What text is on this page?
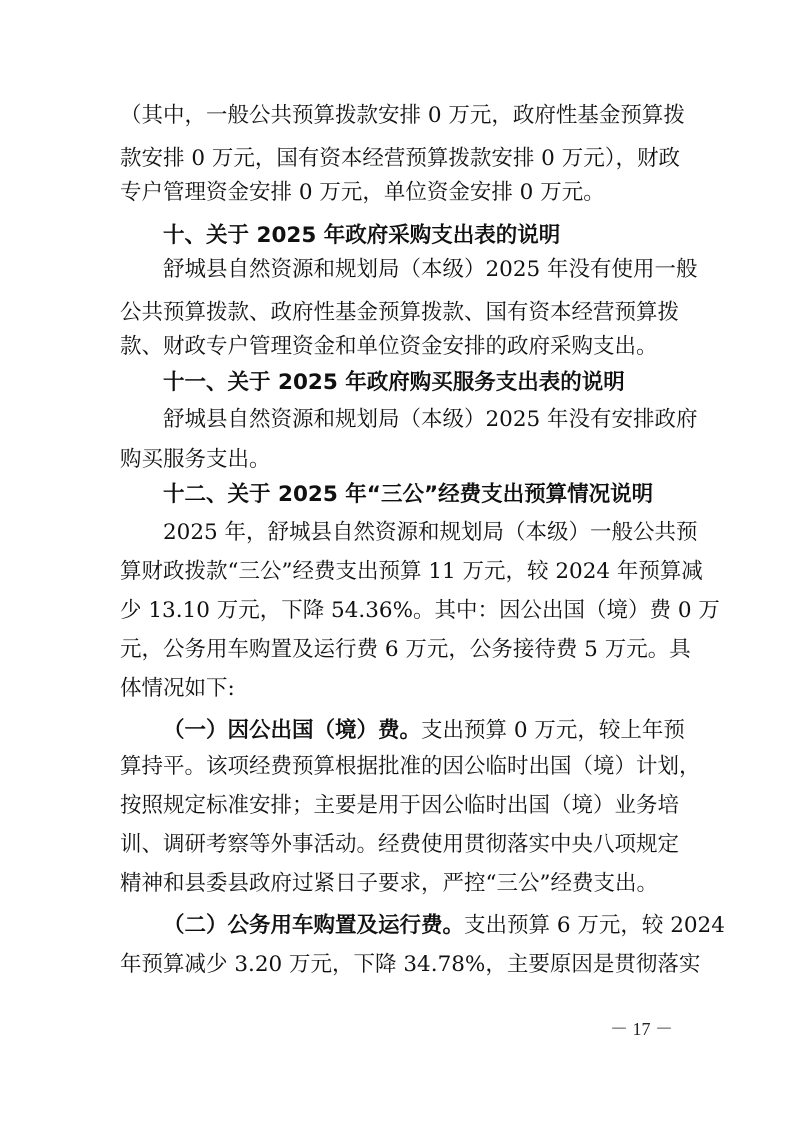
（其中，一般公共预算拨款安排 0 万元，政府性基金预算拨
款安排 0 万元，国有资本经营预算拨款安排 0 万元），财政
专户管理资金安排 0 万元，单位资金安排 0 万元。
十、关于 2025 年政府采购支出表的说明
舒城县自然资源和规划局（本级）2025 年没有使用一般
公共预算拨款、政府性基金预算拨款、国有资本经营预算拨
款、财政专户管理资金和单位资金安排的政府采购支出。
十一、关于 2025 年政府购买服务支出表的说明
舒城县自然资源和规划局（本级）2025 年没有安排政府
购买服务支出。
十二、关于 2025 年“三公”经费支出预算情况说明
2025 年，舒城县自然资源和规划局（本级）一般公共预
算财政拨款“三公”经费支出预算 11 万元，较 2024 年预算减
少 13.10 万元，下降 54.36%。其中：因公出国（境）费 0 万
元，公务用车购置及运行费 6 万元，公务接待费 5 万元。具
体情况如下:
（一）因公出国（境）费。支出预算 0 万元，较上年预
算持平。该项经费预算根据批准的因公临时出国（境）计划，
按照规定标准安排；主要是用于因公临时出国（境）业务培
训、调研考察等外事活动。经费使用贯彻落实中央八项规定
精神和县委县政府过紧日子要求，严控“三公”经费支出。
（二）公务用车购置及运行费。支出预算 6 万元，较 2024
年预算减少 3.20 万元，下降 34.78%，主要原因是贯彻落实
－ 17 －
